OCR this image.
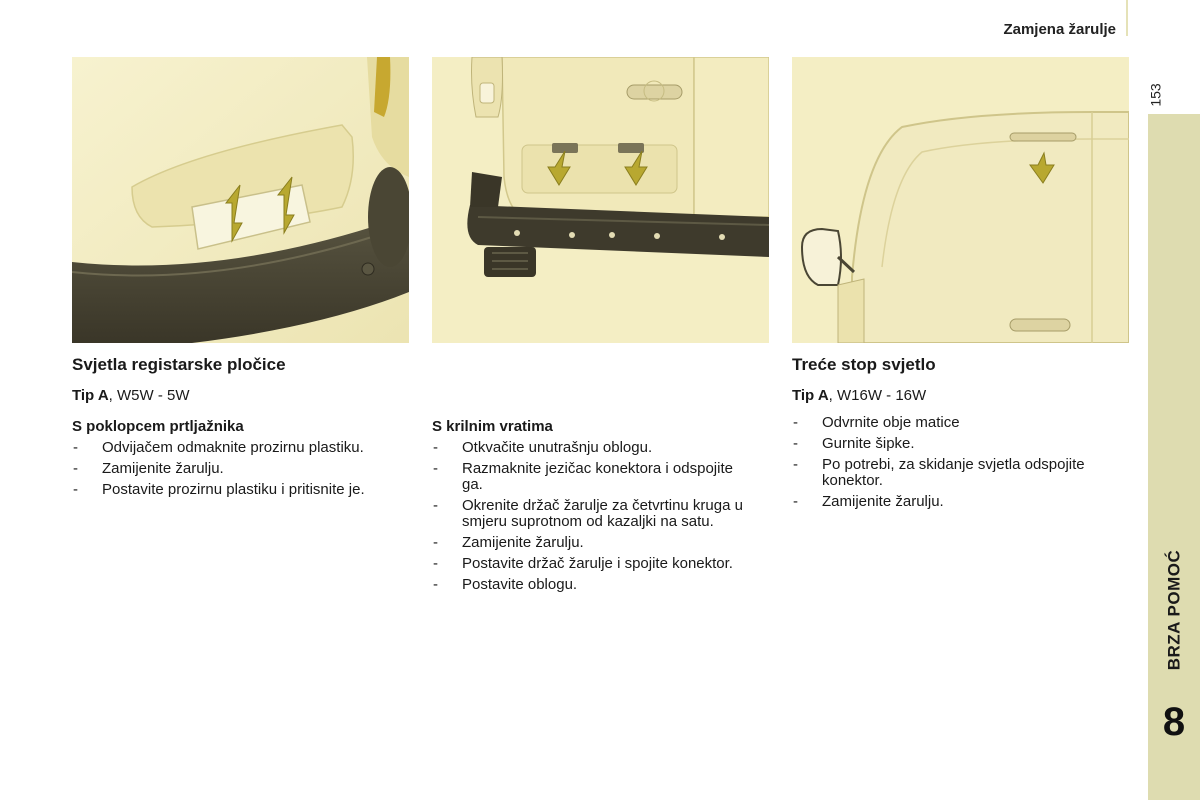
Zamjena žarulje
153
BRZA POMOĆ
8
Svjetla registarske pločice

Tip A, W5W - 5W

S poklopcem prtljažnika

- Odvijačem odmaknite prozirnu plastiku.
- Zamijenite žarulju.
- Postavite prozirnu plastiku i pritisnite je.

S krilnim vratima

- Otkvačite unutrašnju oblogu.
- Razmaknite jezičac konektora i odspojite ga.
- Okrenite držač žarulje za četvrtinu kruga u smjeru suprotnom od kazaljki na satu.
- Zamijenite žarulju.
- Postavite držač žarulje i spojite konektor.
- Postavite oblogu.
Treće stop svjetlo

Tip A, W16W - 16W

- Odvrnite obje matice
- Gurnite šipke.
- Po potrebi, za skidanje svjetla odspojite konektor.
- Zamijenite žarulju.
